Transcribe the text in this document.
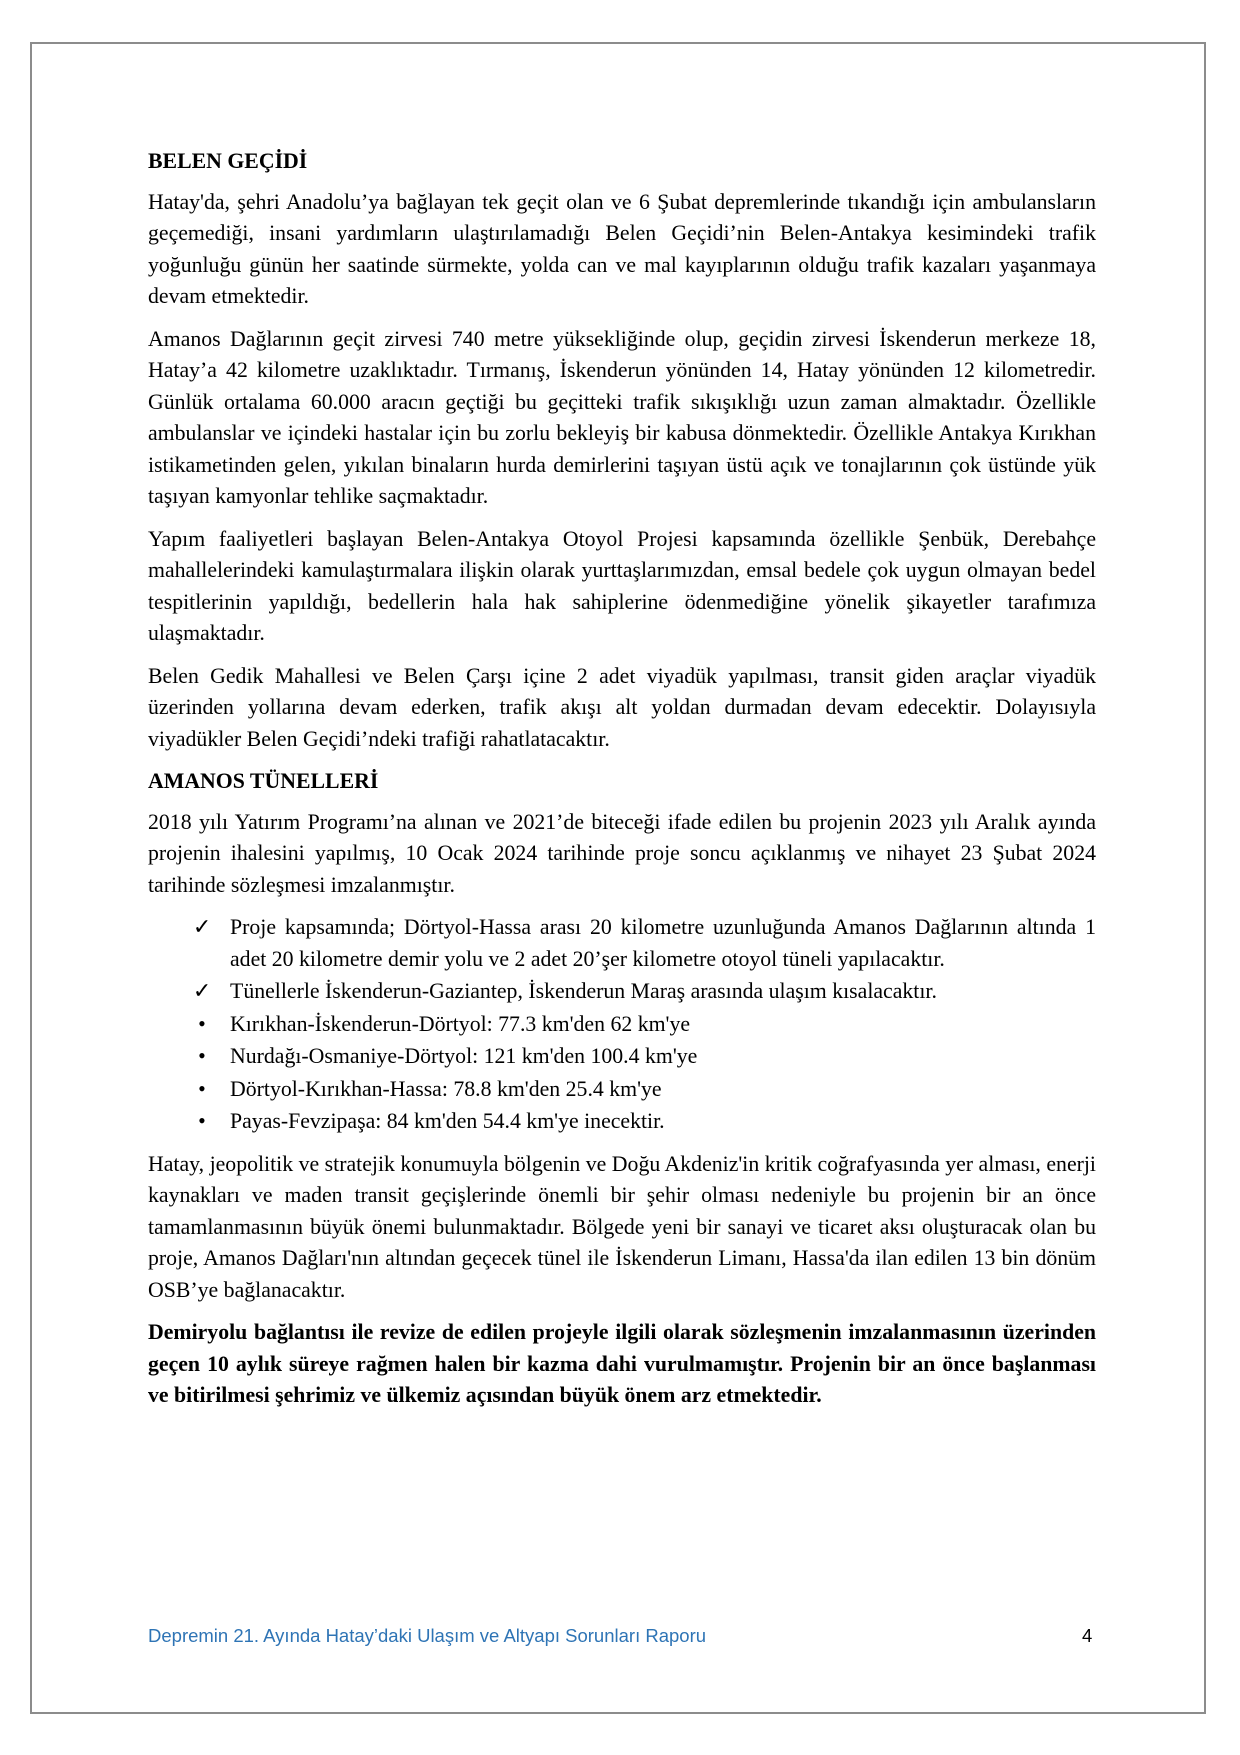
BELEN GEÇİDİ

Hatay'da, şehri Anadolu’ya bağlayan tek geçit olan ve 6 Şubat depremlerinde tıkandığı için ambulansların geçemediği, insani yardımların ulaştırılamadığı Belen Geçidi’nin Belen-Antakya kesimindeki trafik yoğunluğu günün her saatinde sürmekte, yolda can ve mal kayıplarının olduğu trafik kazaları yaşanmaya devam etmektedir.

Amanos Dağlarının geçit zirvesi 740 metre yüksekliğinde olup, geçidin zirvesi İskenderun merkeze 18, Hatay’a 42 kilometre uzaklıktadır. Tırmanış, İskenderun yönünden 14, Hatay yönünden 12 kilometredir. Günlük ortalama 60.000 aracın geçtiği bu geçitteki trafik sıkışıklığı uzun zaman almaktadır. Özellikle ambulanslar ve içindeki hastalar için bu zorlu bekleyiş bir kabusa dönmektedir. Özellikle Antakya Kırıkhan istikametinden gelen, yıkılan binaların hurda demirlerini taşıyan üstü açık ve tonajlarının çok üstünde yük taşıyan kamyonlar tehlike saçmaktadır.

Yapım faaliyetleri başlayan Belen-Antakya Otoyol Projesi kapsamında özellikle Şenbük, Derebahçe mahallelerindeki kamulaştırmalara ilişkin olarak yurttaşlarımızdan, emsal bedele çok uygun olmayan bedel tespitlerinin yapıldığı, bedellerin hala hak sahiplerine ödenmediğine yönelik şikayetler tarafımıza ulaşmaktadır.

Belen Gedik Mahallesi ve Belen Çarşı içine 2 adet viyadük yapılması, transit giden araçlar viyadük üzerinden yollarına devam ederken, trafik akışı alt yoldan durmadan devam edecektir. Dolayısıyla viyadükler Belen Geçidi’ndeki trafiği rahatlatacaktır.

AMANOS TÜNELLERİ

2018 yılı Yatırım Programı’na alınan ve 2021’de biteceği ifade edilen bu projenin 2023 yılı Aralık ayında projenin ihalesini yapılmış, 10 Ocak 2024 tarihinde proje soncu açıklanmış ve nihayet 23 Şubat 2024 tarihinde sözleşmesi imzalanmıştır.

✓ Proje kapsamında; Dörtyol-Hassa arası 20 kilometre uzunluğunda Amanos Dağlarının altında 1 adet 20 kilometre demir yolu ve 2 adet 20’şer kilometre otoyol tüneli yapılacaktır.
✓ Tünellerle İskenderun-Gaziantep, İskenderun Maraş arasında ulaşım kısalacaktır.
•	Kırıkhan-İskenderun-Dörtyol: 77.3 km'den 62 km'ye
•	Nurdağı-Osmaniye-Dörtyol: 121 km'den 100.4 km'ye
•	Dörtyol-Kırıkhan-Hassa: 78.8 km'den 25.4 km'ye
•	Payas-Fevzipaşa: 84 km'den 54.4 km'ye inecektir.

Hatay, jeopolitik ve stratejik konumuyla bölgenin ve Doğu Akdeniz'in kritik coğrafyasında yer alması, enerji kaynakları ve maden transit geçişlerinde önemli bir şehir olması nedeniyle bu projenin bir an önce tamamlanmasının büyük önemi bulunmaktadır. Bölgede yeni bir sanayi ve ticaret aksı oluşturacak olan bu proje, Amanos Dağları'nın altından geçecek tünel ile İskenderun Limanı, Hassa'da ilan edilen 13 bin dönüm OSB’ye bağlanacaktır.

Demiryolu bağlantısı ile revize de edilen projeyle ilgili olarak sözleşmenin imzalanmasının üzerinden geçen 10 aylık süreye rağmen halen bir kazma dahi vurulmamıştır. Projenin bir an önce başlanması ve bitirilmesi şehrimiz ve ülkemiz açısından büyük önem arz etmektedir.

Depremin 21. Ayında Hatay’daki Ulaşım ve Altyapı Sorunları Raporu	4
